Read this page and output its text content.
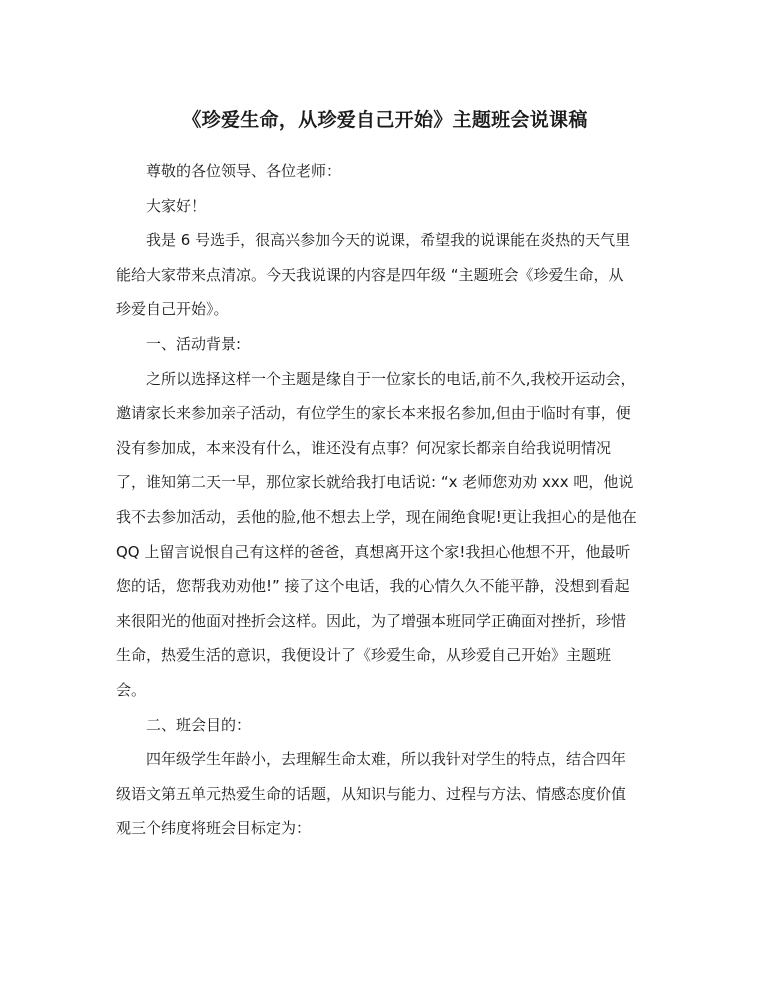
《珍爱生命，从珍爱自己开始》主题班会说课稿

尊敬的各位领导、各位老师：

大家好！

我是 6 号选手，很高兴参加今天的说课，希望我的说课能在炎热的天气里
能给大家带来点清凉。今天我说课的内容是四年级 “主题班会《珍爱生命，从
珍爱自己开始》。

一、活动背景:

之所以选择这样一个主题是缘自于一位家长的电话,前不久,我校开运动会，
邀请家长来参加亲子活动，有位学生的家长本来报名参加,但由于临时有事，便
没有参加成，本来没有什么，谁还没有点事？何况家长都亲自给我说明情况
了，谁知第二天一早，那位家长就给我打电话说: “x 老师您劝劝 xxx 吧，他说
我不去参加活动，丢他的脸,他不想去上学，现在闹绝食呢!更让我担心的是他在
QQ 上留言说恨自己有这样的爸爸，真想离开这个家!我担心他想不开，他最听
您的话，您帮我劝劝他!” 接了这个电话，我的心情久久不能平静，没想到看起
来很阳光的他面对挫折会这样。因此，为了增强本班同学正确面对挫折，珍惜
生命，热爱生活的意识，我便设计了《珍爱生命，从珍爱自己开始》主题班
会。

二、班会目的：

四年级学生年龄小，去理解生命太难，所以我针对学生的特点，结合四年
级语文第五单元热爱生命的话题，从知识与能力、过程与方法、情感态度价值
观三个纬度将班会目标定为：
